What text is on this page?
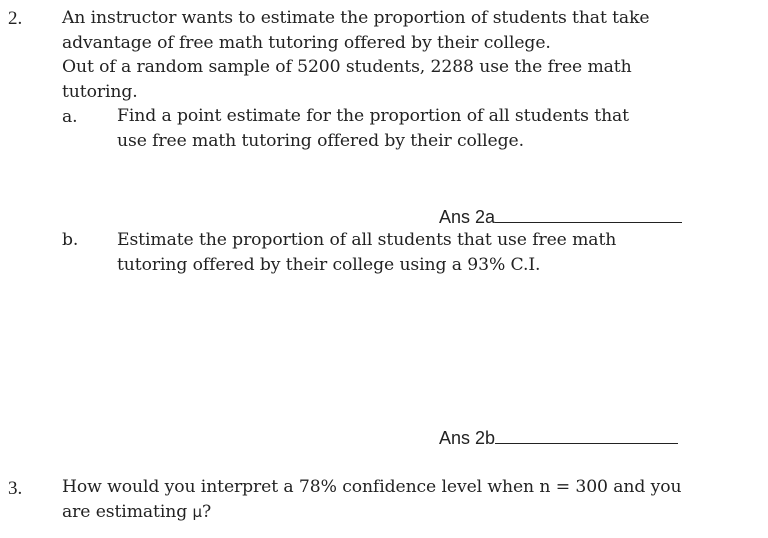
2. An instructor wants to estimate the proportion of students that take
advantage of free math tutoring offered by their college.
Out of a random sample of 5200 students, 2288 use the free math
tutoring.
a. Find a point estimate for the proportion of all students that
use free math tutoring offered by their college.
Ans 2a
b. Estimate the proportion of all students that use free math
tutoring offered by their college using a 93% C.I.
Ans 2b
3. How would you interpret a 78% confidence level when n = 300 and you
are estimating μ?
